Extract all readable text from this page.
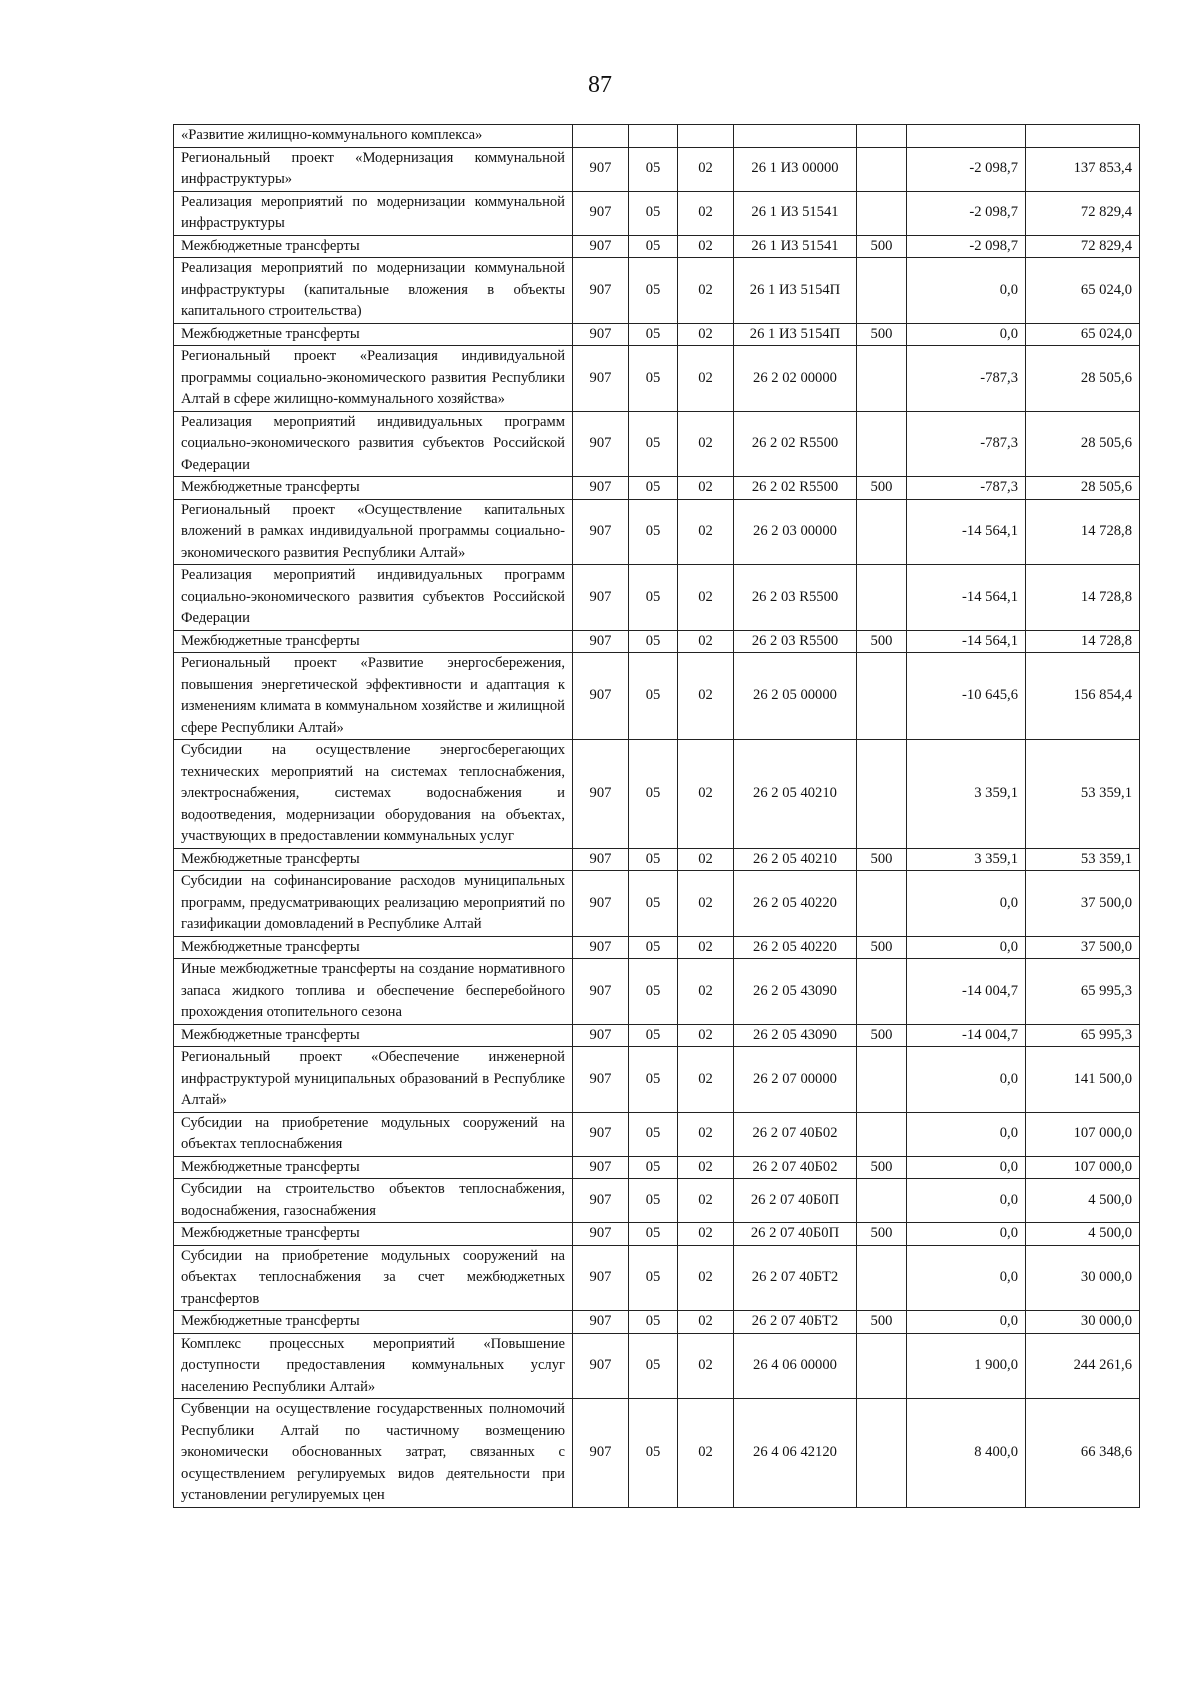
87
«Развитие жилищно-коммунального комплекса»							
Региональный проект «Модернизация коммунальной инфраструктуры»	907	05	02	26 1 И3 00000		-2 098,7	137 853,4
Реализация мероприятий по модернизации коммунальной инфраструктуры	907	05	02	26 1 И3 51541		-2 098,7	72 829,4
Межбюджетные трансферты	907	05	02	26 1 И3 51541	500	-2 098,7	72 829,4
Реализация мероприятий по модернизации коммунальной инфраструктуры (капитальные вложения в объекты капитального строительства)	907	05	02	26 1 И3 5154П		0,0	65 024,0
Межбюджетные трансферты	907	05	02	26 1 И3 5154П	500	0,0	65 024,0
Региональный проект «Реализация индивидуальной программы социально-экономического развития Республики Алтай в сфере жилищно-коммунального хозяйства»	907	05	02	26 2 02 00000		-787,3	28 505,6
Реализация мероприятий индивидуальных программ социально-экономического развития субъектов Российской Федерации	907	05	02	26 2 02 R5500		-787,3	28 505,6
Межбюджетные трансферты	907	05	02	26 2 02 R5500	500	-787,3	28 505,6
Региональный проект «Осуществление капитальных вложений в рамках индивидуальной программы социально-экономического развития Республики Алтай»	907	05	02	26 2 03 00000		-14 564,1	14 728,8
Реализация мероприятий индивидуальных программ социально-экономического развития субъектов Российской Федерации	907	05	02	26 2 03 R5500		-14 564,1	14 728,8
Межбюджетные трансферты	907	05	02	26 2 03 R5500	500	-14 564,1	14 728,8
Региональный проект «Развитие энергосбережения, повышения энергетической эффективности и адаптация к изменениям климата в коммунальном хозяйстве и жилищной сфере Республики Алтай»	907	05	02	26 2 05 00000		-10 645,6	156 854,4
Субсидии на осуществление энергосберегающих технических мероприятий на системах теплоснабжения, электроснабжения, системах водоснабжения и водоотведения, модернизации оборудования на объектах, участвующих в предоставлении коммунальных услуг	907	05	02	26 2 05 40210		3 359,1	53 359,1
Межбюджетные трансферты	907	05	02	26 2 05 40210	500	3 359,1	53 359,1
Субсидии на софинансирование расходов муниципальных программ, предусматривающих реализацию мероприятий по газификации домовладений в Республике Алтай	907	05	02	26 2 05 40220		0,0	37 500,0
Межбюджетные трансферты	907	05	02	26 2 05 40220	500	0,0	37 500,0
Иные межбюджетные трансферты на создание нормативного запаса жидкого топлива и обеспечение бесперебойного прохождения отопительного сезона	907	05	02	26 2 05 43090		-14 004,7	65 995,3
Межбюджетные трансферты	907	05	02	26 2 05 43090	500	-14 004,7	65 995,3
Региональный проект «Обеспечение инженерной инфраструктурой муниципальных образований в Республике Алтай»	907	05	02	26 2 07 00000		0,0	141 500,0
Субсидии на приобретение модульных сооружений на объектах теплоснабжения	907	05	02	26 2 07 40Б02		0,0	107 000,0
Межбюджетные трансферты	907	05	02	26 2 07 40Б02	500	0,0	107 000,0
Субсидии на строительство объектов теплоснабжения, водоснабжения, газоснабжения	907	05	02	26 2 07 40Б0П		0,0	4 500,0
Межбюджетные трансферты	907	05	02	26 2 07 40Б0П	500	0,0	4 500,0
Субсидии на приобретение модульных сооружений на объектах теплоснабжения за счет межбюджетных трансфертов	907	05	02	26 2 07 40БТ2		0,0	30 000,0
Межбюджетные трансферты	907	05	02	26 2 07 40БТ2	500	0,0	30 000,0
Комплекс процессных мероприятий «Повышение доступности предоставления коммунальных услуг населению Республики Алтай»	907	05	02	26 4 06 00000		1 900,0	244 261,6
Субвенции на осуществление государственных полномочий Республики Алтай по частичному возмещению экономически обоснованных затрат, связанных с осуществлением регулируемых видов деятельности при установлении регулируемых цен	907	05	02	26 4 06 42120		8 400,0	66 348,6
